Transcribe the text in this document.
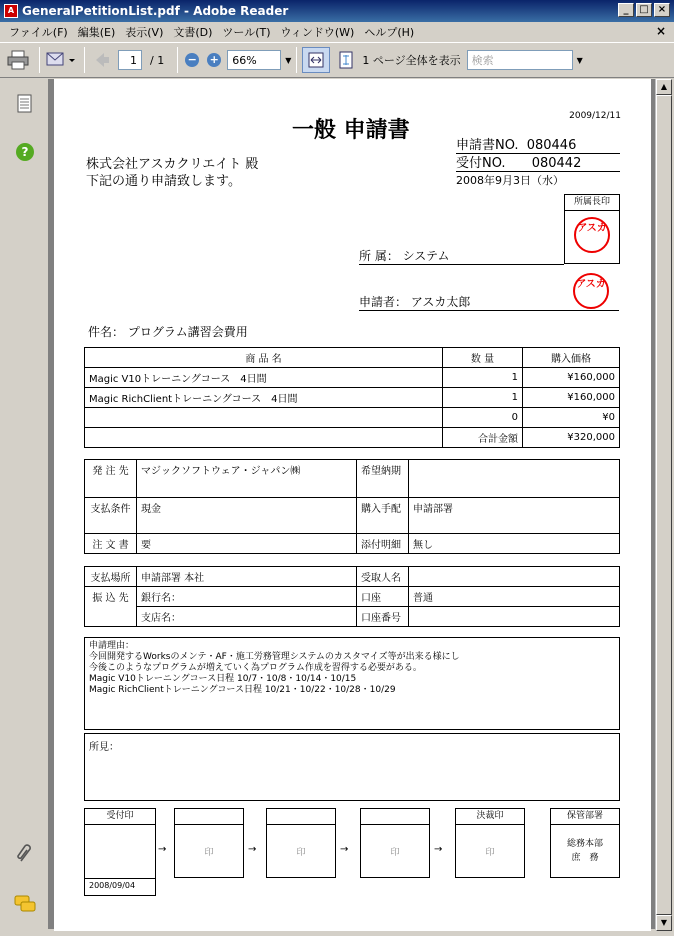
A GeneralPetitionList.pdf - Adobe Reader	_	□ ×
ファイル(F) 編集(E) 表示(V) 文書(D) ツール(T) ウィンドウ(W) ヘルプ(H)	×
1	/ 1 − + 66%	▼	1 ページ全体を表示	検索	▼
?
▲
▼
2009/12/11
一般 申請書
申請書NO. 080446
受付NO. 080442
2008年9月3日（水）
株式会社アスカクリエイト 殿
下記の通り申請致します。
所属長印
アスカ
所 属： システム
アスカ
申請者： アスカ太郎
件名： プログラム講習会費用
商 品 名	数 量	購入価格
Magic V10トレーニングコース　4日間	1	¥160,000
Magic RichClientトレーニングコース　4日間	1	¥160,000
	0	¥0
	合計金額	¥320,000
発 注 先	マジックソフトウェア・ジャパン㈱	希望納期	
支払条件	現金	購入手配	申請部署
注 文 書	要	添付明細	無し
支払場所	申請部署 本社	受取人名	
振 込 先	銀行名：	口座	普通
	支店名：	口座番号	
申請理由：
今回開発するWorksのメンテ・AF・施工労務管理システムのカスタマイズ等が出来る様にし
今後このようなプログラムが増えていく為プログラム作成を習得する必要がある。
Magic V10トレーニングコース日程 10/7・10/8・10/14・10/15
Magic RichClientトレーニングコース日程 10/21・10/22・10/28・10/29
所見：
受付印
2008/09/04
→	印	→	印	→	印	→
決裁印
印
保管部署
総務本部
庶　務
